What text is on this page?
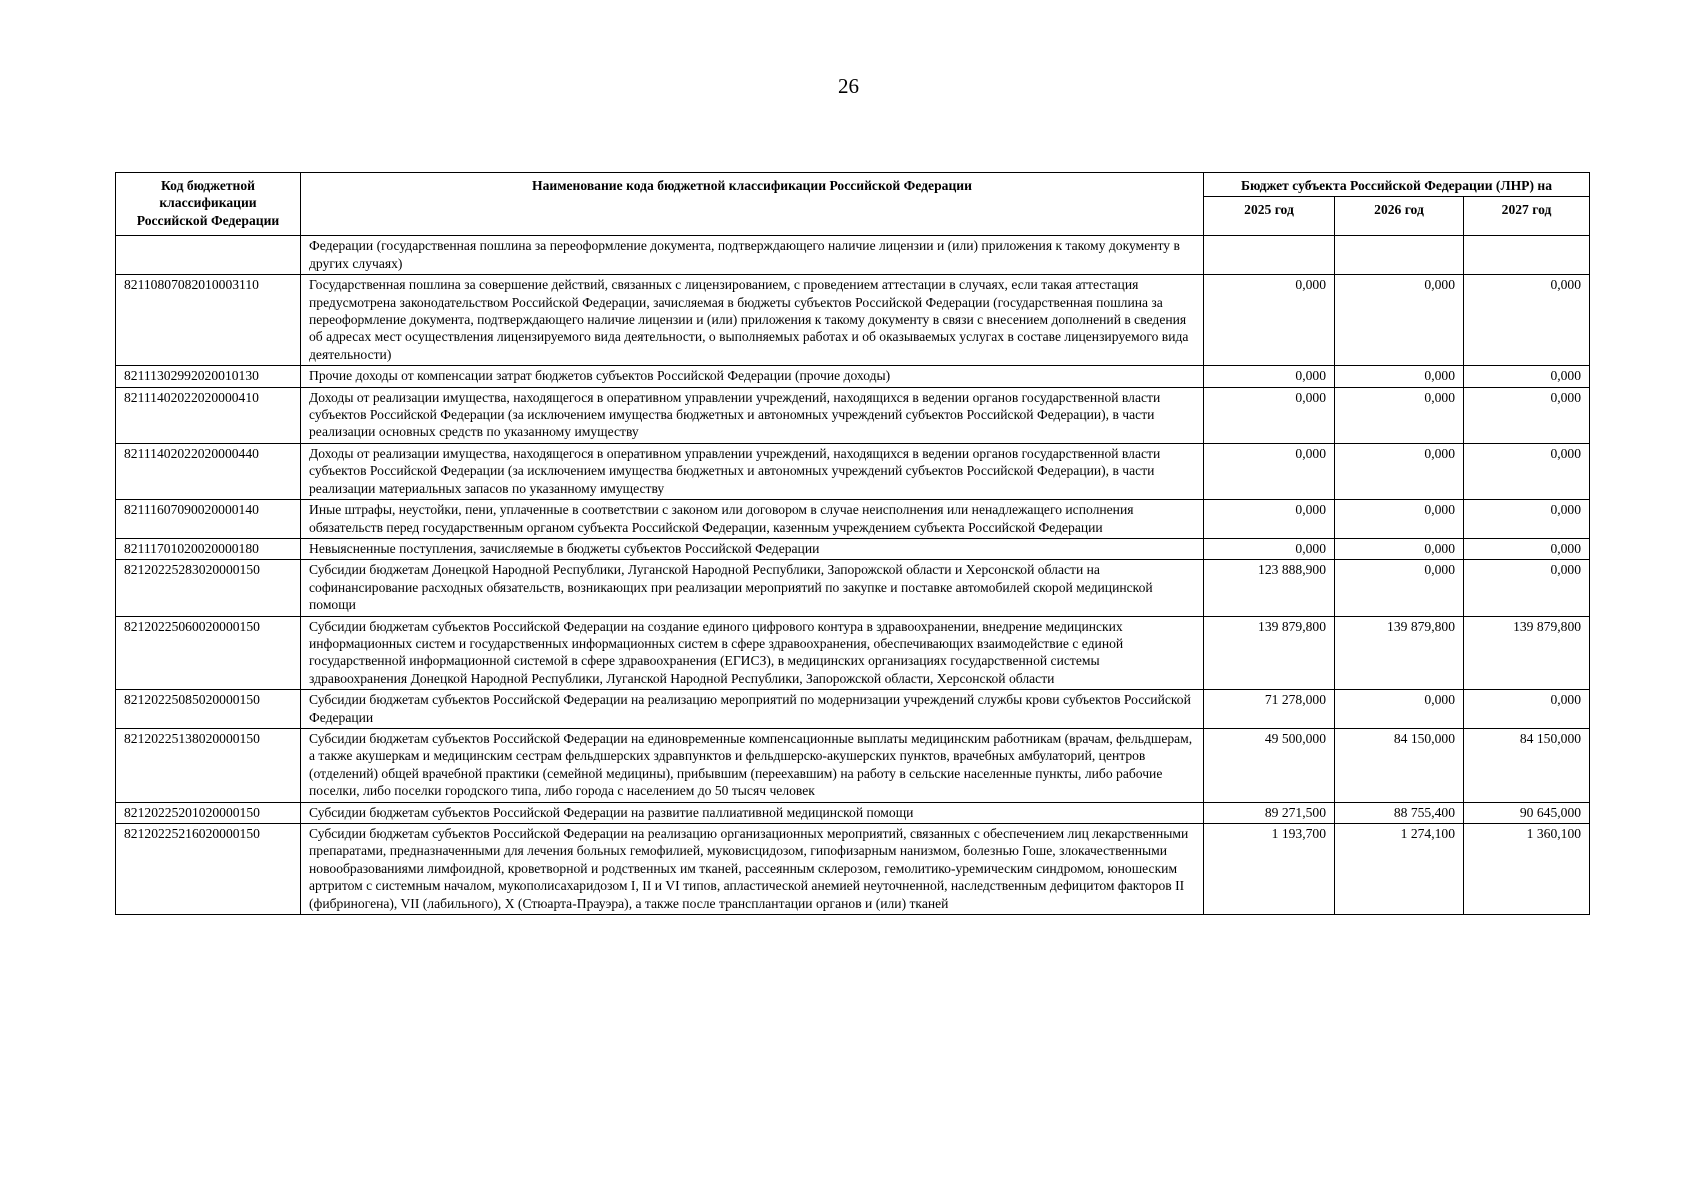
26
Код бюджетной классификации Российской Федерации	Наименование кода бюджетной классификации Российской Федерации	Бюджет субъекта Российской Федерации (ЛНР) на		
		2025 год	2026 год	2027 год
	Федерации (государственная пошлина за переоформление документа, подтверждающего наличие лицензии и (или) приложения к такому документу в других случаях)			
82110807082010003110	Государственная пошлина за совершение действий, связанных с лицензированием, с проведением аттестации в случаях, если такая аттестация предусмотрена законодательством Российской Федерации, зачисляемая в бюджеты субъектов Российской Федерации (государственная пошлина за переоформление документа, подтверждающего наличие лицензии и (или) приложения к такому документу в связи с внесением дополнений в сведения об адресах мест осуществления лицензируемого вида деятельности, о выполняемых работах и об оказываемых услугах в составе лицензируемого вида деятельности)	0,000	0,000	0,000
82111302992020010130	Прочие доходы от компенсации затрат бюджетов субъектов Российской Федерации (прочие доходы)	0,000	0,000	0,000
82111402022020000410	Доходы от реализации имущества, находящегося в оперативном управлении учреждений, находящихся в ведении органов государственной власти субъектов Российской Федерации (за исключением имущества бюджетных и автономных учреждений субъектов Российской Федерации), в части реализации основных средств по указанному имуществу	0,000	0,000	0,000
82111402022020000440	Доходы от реализации имущества, находящегося в оперативном управлении учреждений, находящихся в ведении органов государственной власти субъектов Российской Федерации (за исключением имущества бюджетных и автономных учреждений субъектов Российской Федерации), в части реализации материальных запасов по указанному имуществу	0,000	0,000	0,000
82111607090020000140	Иные штрафы, неустойки, пени, уплаченные в соответствии с законом или договором в случае неисполнения или ненадлежащего исполнения обязательств перед государственным органом субъекта Российской Федерации, казенным учреждением субъекта Российской Федерации	0,000	0,000	0,000
82111701020020000180	Невыясненные поступления, зачисляемые в бюджеты субъектов Российской Федерации	0,000	0,000	0,000
82120225283020000150	Субсидии бюджетам Донецкой Народной Республики, Луганской Народной Республики, Запорожской области и Херсонской области на софинансирование расходных обязательств, возникающих при реализации мероприятий по закупке и поставке автомобилей скорой медицинской помощи	123 888,900	0,000	0,000
82120225060020000150	Субсидии бюджетам субъектов Российской Федерации на создание единого цифрового контура в здравоохранении, внедрение медицинских информационных систем и государственных информационных систем в сфере здравоохранения, обеспечивающих взаимодействие с единой государственной информационной системой в сфере здравоохранения (ЕГИСЗ), в медицинских организациях государственной системы здравоохранения Донецкой Народной Республики, Луганской Народной Республики, Запорожской области, Херсонской области	139 879,800	139 879,800	139 879,800
82120225085020000150	Субсидии бюджетам субъектов Российской Федерации на реализацию мероприятий по модернизации учреждений службы крови субъектов Российской Федерации	71 278,000	0,000	0,000
82120225138020000150	Субсидии бюджетам субъектов Российской Федерации на единовременные компенсационные выплаты медицинским работникам (врачам, фельдшерам, а также акушеркам и медицинским сестрам фельдшерских здравпунктов и фельдшерско-акушерских пунктов, врачебных амбулаторий, центров (отделений) общей врачебной практики (семейной медицины), прибывшим (переехавшим) на работу в сельские населенные пункты, либо рабочие поселки, либо поселки городского типа, либо города с населением до 50 тысяч человек	49 500,000	84 150,000	84 150,000
82120225201020000150	Субсидии бюджетам субъектов Российской Федерации на развитие паллиативной медицинской помощи	89 271,500	88 755,400	90 645,000
82120225216020000150	Субсидии бюджетам субъектов Российской Федерации на реализацию организационных мероприятий, связанных с обеспечением лиц лекарственными препаратами, предназначенными для лечения больных гемофилией, муковисцидозом, гипофизарным нанизмом, болезнью Гоше, злокачественными новообразованиями лимфоидной, кроветворной и родственных им тканей, рассеянным склерозом, гемолитико-уремическим синдромом, юношеским артритом с системным началом, мукополисахаридозом I, II и VI типов, апластической анемией неуточненной, наследственным дефицитом факторов II (фибриногена), VII (лабильного), X (Стюарта-Прауэра), а также после трансплантации органов и (или) тканей	1 193,700	1 274,100	1 360,100
